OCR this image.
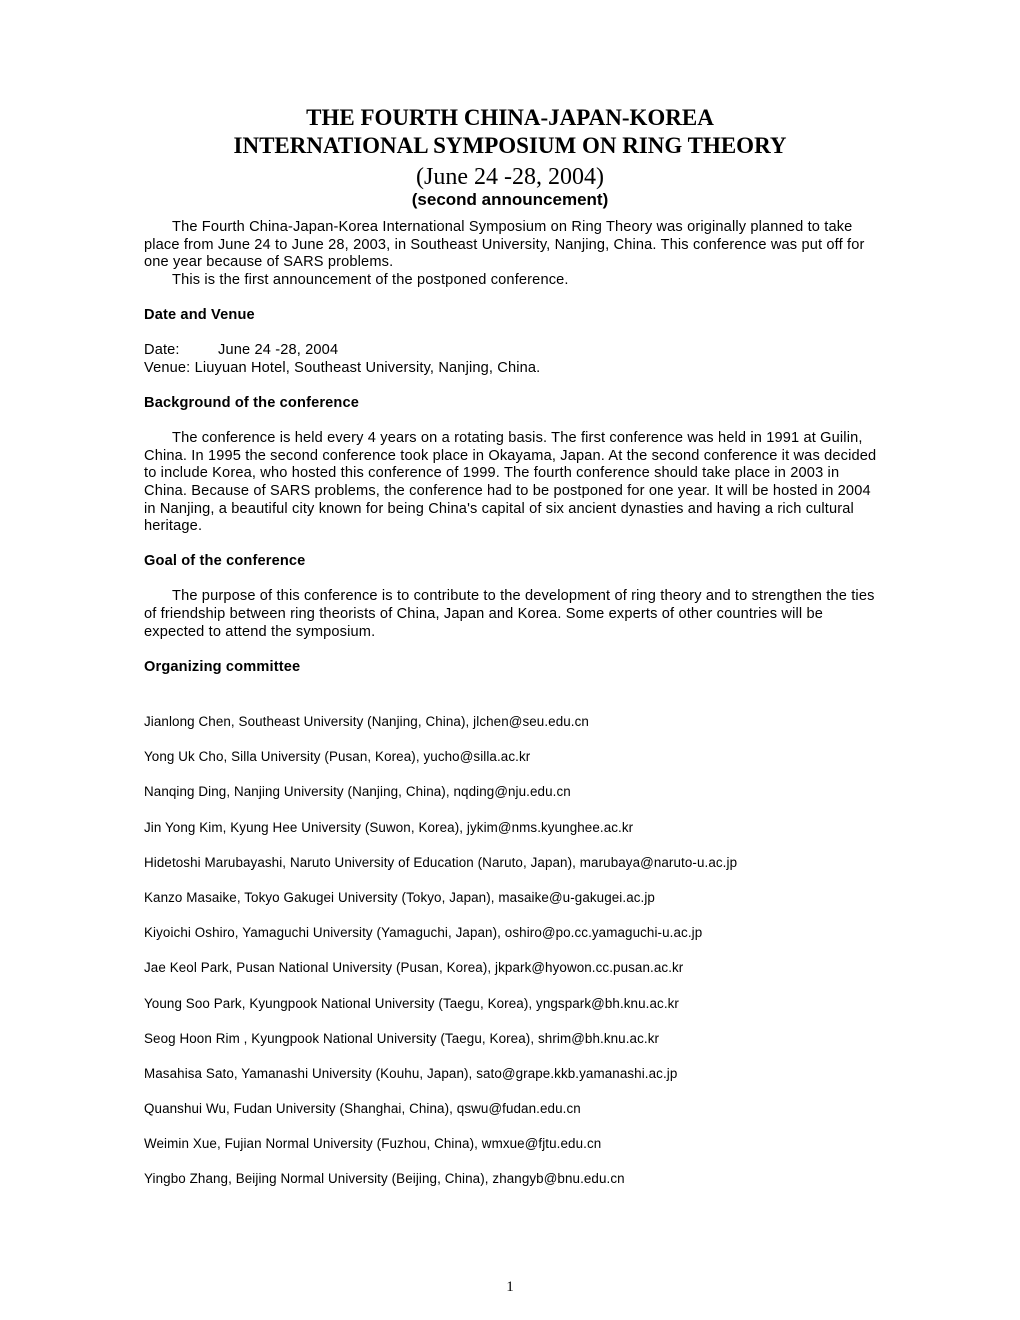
THE FOURTH CHINA-JAPAN-KOREA
INTERNATIONAL SYMPOSIUM ON RING THEORY
(June 24 -28, 2004)
(second announcement)

The Fourth China-Japan-Korea International Symposium on Ring Theory was originally planned to take place from June 24 to June 28, 2003, in Southeast University, Nanjing, China. This conference was put off for one year because of SARS problems.

This is the first announcement of the postponed conference.

Date and Venue

Date:	June 24 -28, 2004

Venue: Liuyuan Hotel, Southeast University, Nanjing, China.

Background of the conference

The conference is held every 4 years on a rotating basis. The first conference was held in 1991 at Guilin, China. In 1995 the second conference took place in Okayama, Japan. At the second conference it was decided to include Korea, who hosted this conference of 1999. The fourth conference should take place in 2003 in China. Because of SARS problems, the conference had to be postponed for one year. It will be hosted in 2004 in Nanjing, a beautiful city known for being China's capital of six ancient dynasties and having a rich cultural heritage.

Goal of the conference

The purpose of this conference is to contribute to the development of ring theory and to strengthen the ties of friendship between ring theorists of China, Japan and Korea. Some experts of other countries will be expected to attend the symposium.

Organizing committee

Jianlong Chen, Southeast University (Nanjing, China), jlchen@seu.edu.cn
Yong Uk Cho, Silla University (Pusan, Korea), yucho@silla.ac.kr
Nanqing Ding, Nanjing University (Nanjing, China), nqding@nju.edu.cn
Jin Yong Kim, Kyung Hee University (Suwon, Korea), jykim@nms.kyunghee.ac.kr
Hidetoshi Marubayashi, Naruto University of Education (Naruto, Japan), marubaya@naruto-u.ac.jp
Kanzo Masaike, Tokyo Gakugei University (Tokyo, Japan), masaike@u-gakugei.ac.jp
Kiyoichi Oshiro, Yamaguchi University (Yamaguchi, Japan), oshiro@po.cc.yamaguchi-u.ac.jp
Jae Keol Park, Pusan National University (Pusan, Korea), jkpark@hyowon.cc.pusan.ac.kr
Young Soo Park, Kyungpook National University (Taegu, Korea), yngspark@bh.knu.ac.kr
Seog Hoon Rim , Kyungpook National University (Taegu, Korea), shrim@bh.knu.ac.kr
Masahisa Sato, Yamanashi University (Kouhu, Japan), sato@grape.kkb.yamanashi.ac.jp
Quanshui Wu, Fudan University (Shanghai, China), qswu@fudan.edu.cn
Weimin Xue, Fujian Normal University (Fuzhou, China), wmxue@fjtu.edu.cn
Yingbo Zhang, Beijing Normal University (Beijing, China), zhangyb@bnu.edu.cn
1
